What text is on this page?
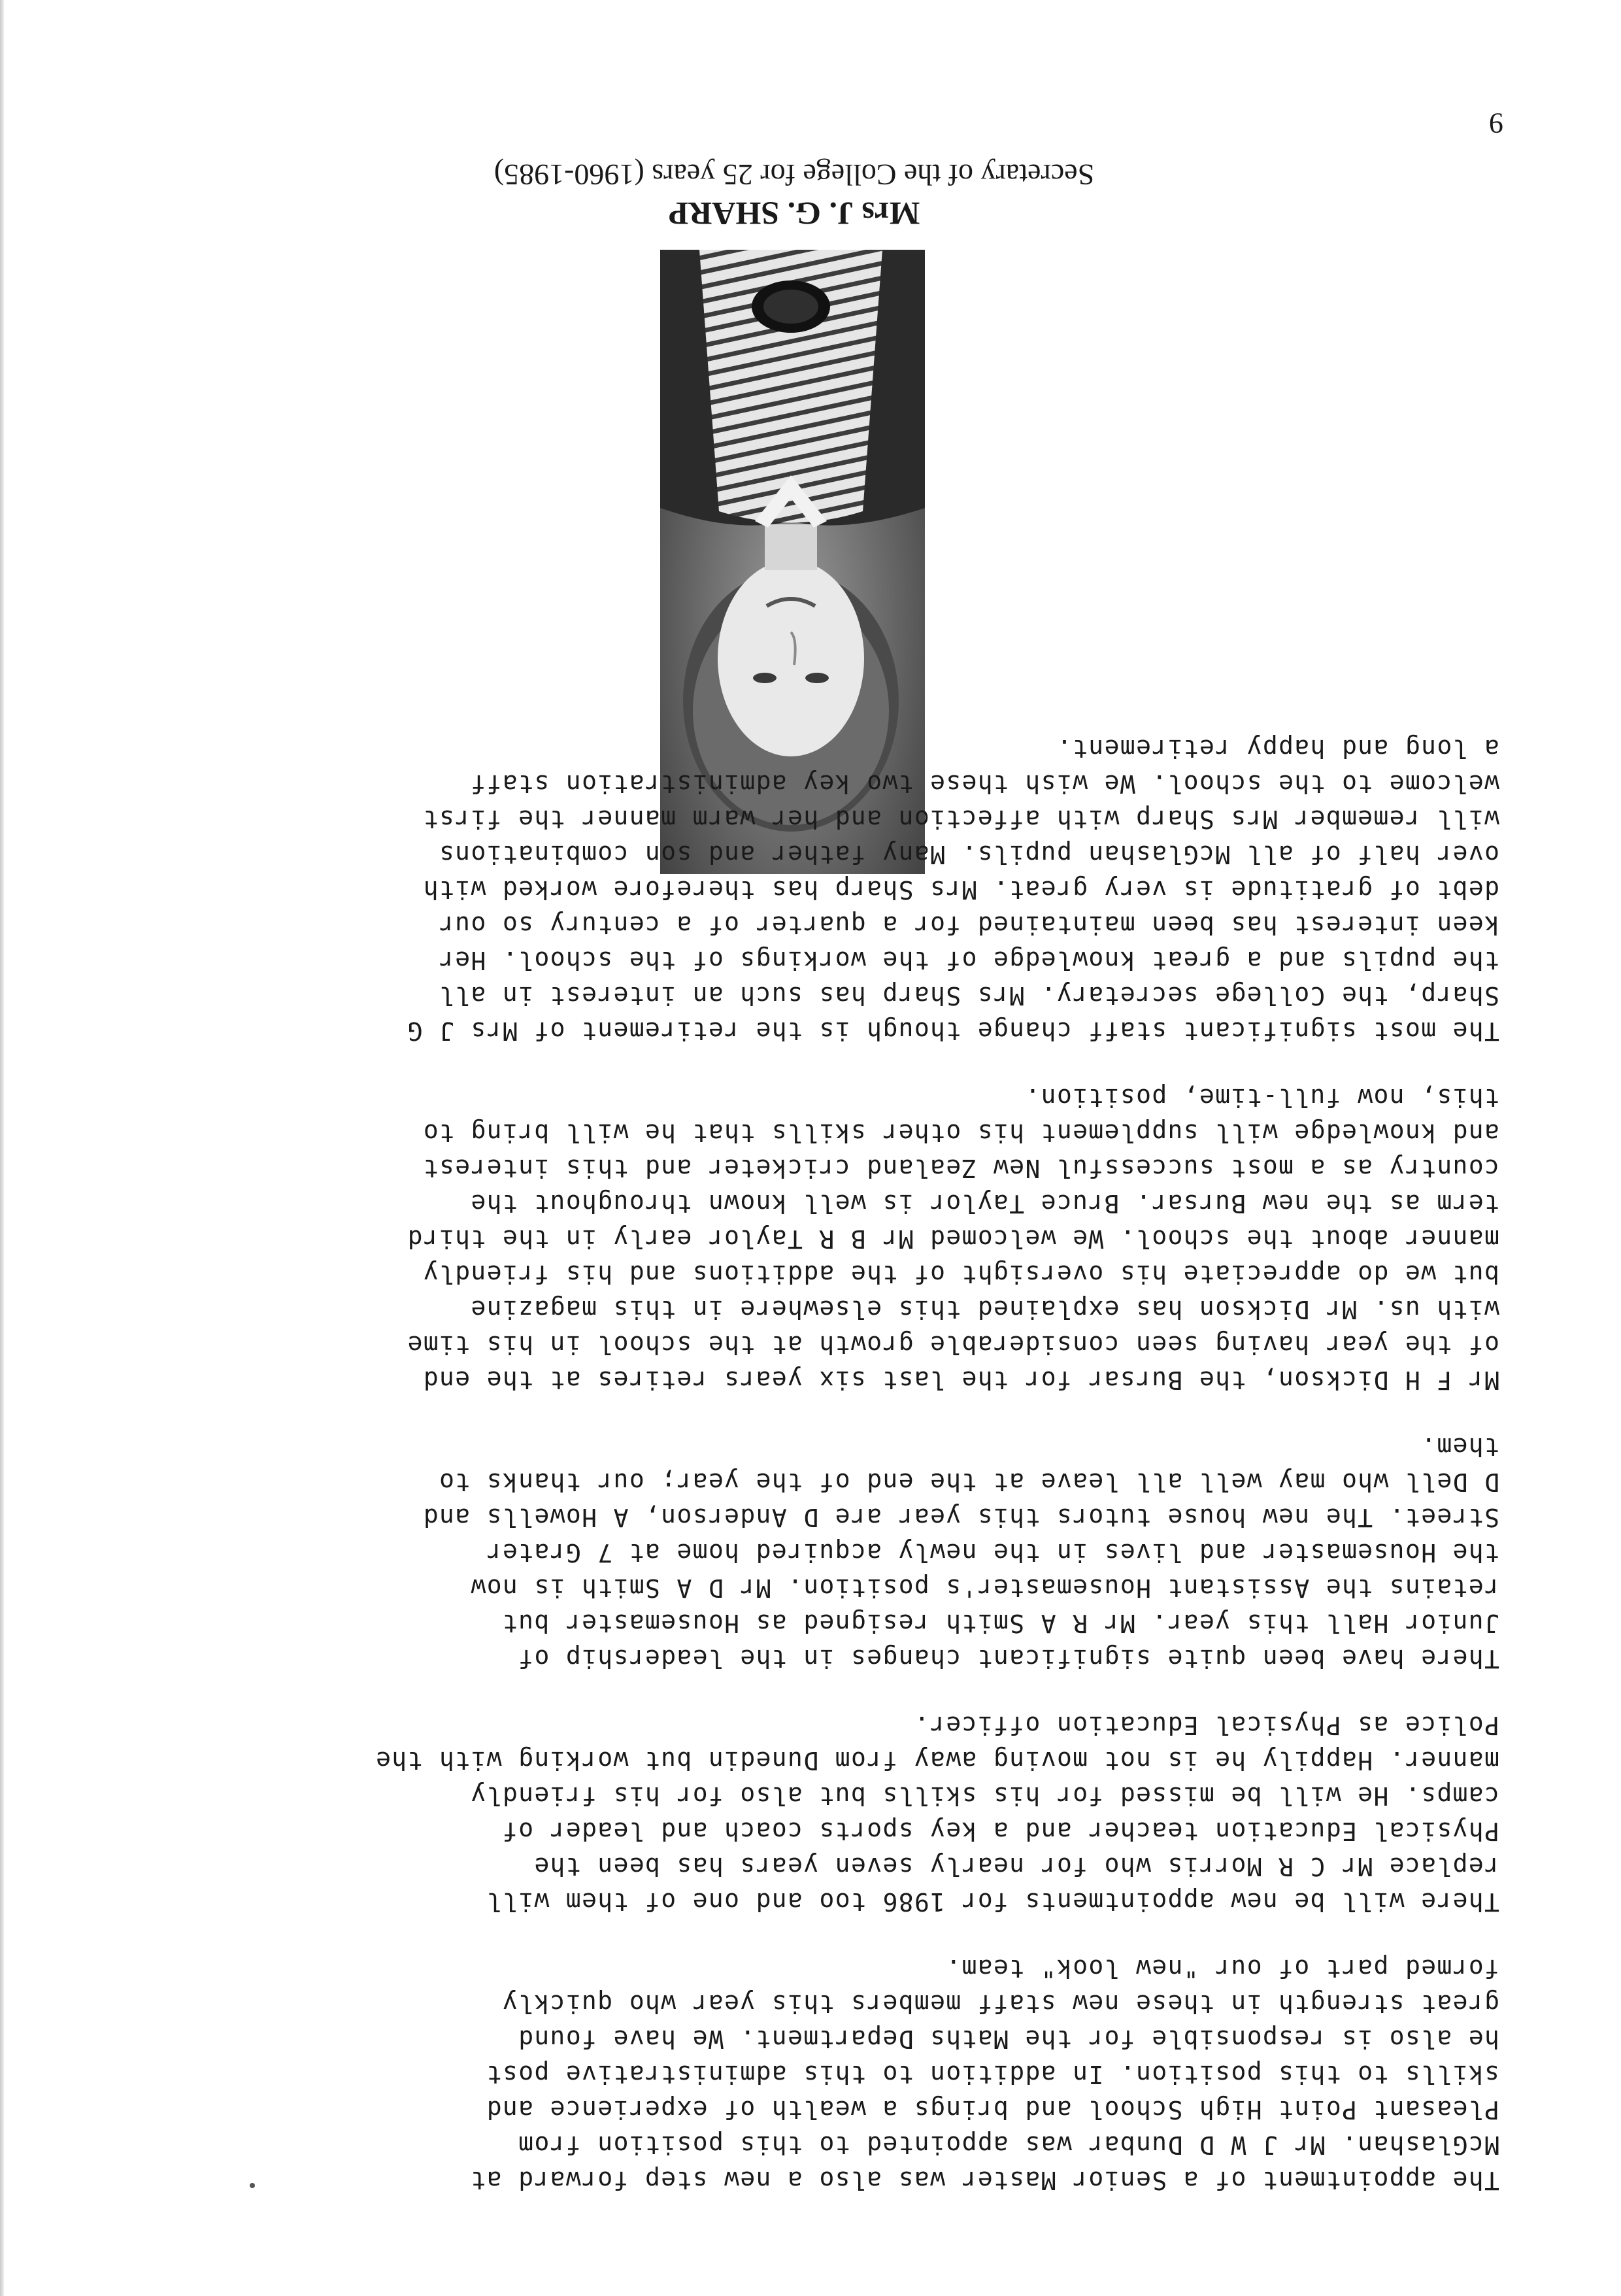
9
Mrs J. G. SHARP
Secretary of the College for 25 years (1960-1985)

The appointment of a Senior Master was also a new step forward at
McGlashan. Mr J W D Dunbar was appointed to this position from
Pleasant Point High School and brings a wealth of experience and
skills to this position. In addition to this administrative post
he also is responsible for the Maths Department. We have found
great strength in these new staff members this year who quickly
formed part of our "new look" team.

There will be new appointments for 1986 too and one of them will
replace Mr C R Morris who for nearly seven years has been the
Physical Education teacher and a key sports coach and leader of
camps. He will be missed for his skills but also for his friendly
manner. Happily he is not moving away from Dunedin but working with the
Police as Physical Education officer.

There have been quite significant changes in the leadership of
Junior Hall this year. Mr R A Smith resigned as Housemaster but
retains the Assistant Housemaster's position. Mr D A Smith is now
the Housemaster and lives in the newly acquired home at 7 Grater
Street. The new house tutors this year are D Anderson, A Howells and
D Dell who may well all leave at the end of the year; our thanks to
them.

Mr F H Dickson, the Bursar for the last six years retires at the end
of the year having seen considerable growth at the school in his time
with us. Mr Dickson has explained this elsewhere in this magazine
but we do appreciate his oversight of the additions and his friendly
manner about the school. We welcomed Mr B R Taylor early in the third
term as the new Bursar. Bruce Taylor is well known throughout the
country as a most successful New Zealand cricketer and this interest
and knowledge will supplement his other skills that he will bring to
this, now full-time, position.

The most significant staff change though is the retirement of Mrs J G
Sharp, the College secretary. Mrs Sharp has such an interest in all
the pupils and a great knowledge of the workings of the school. Her
keen interest has been maintained for a quarter of a century so our
debt of gratitude is very great. Mrs Sharp has therefore worked with
over half of all McGlashan pupils. Many father and son combinations
will remember Mrs Sharp with affection and her warm manner the first
welcome to the school. We wish these two key administration staff
a long and happy retirement.
